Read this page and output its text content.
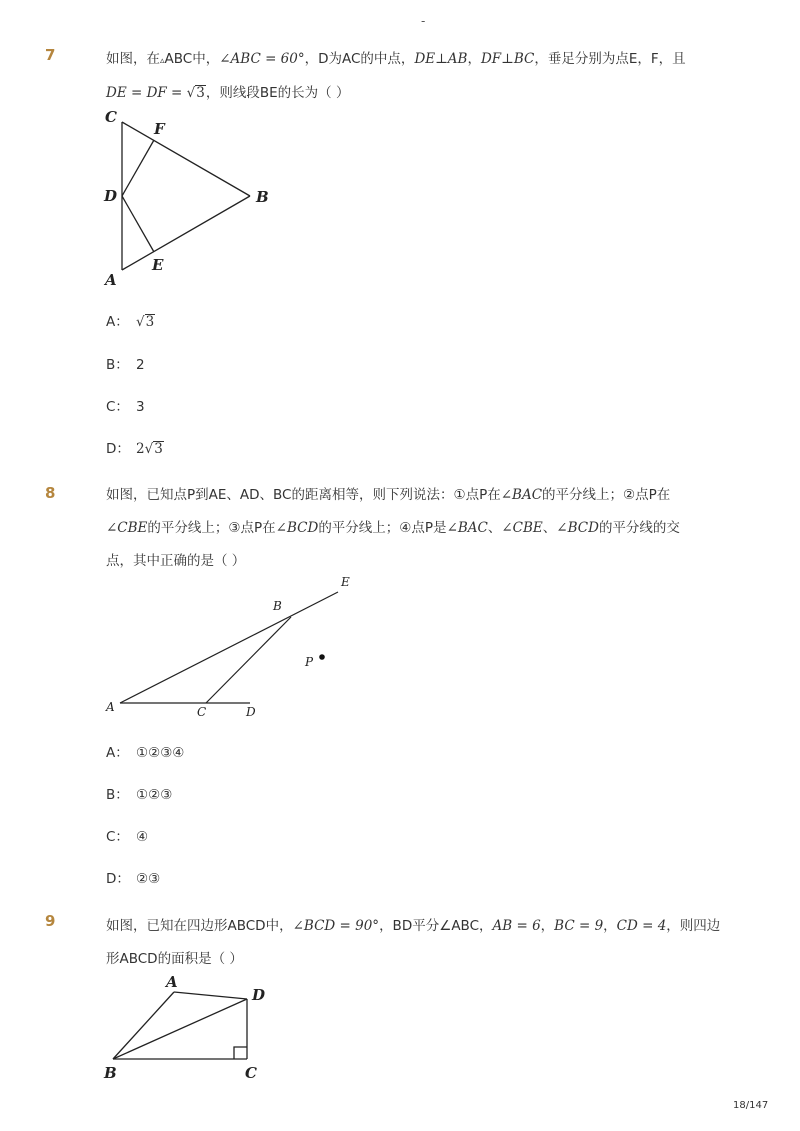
-
7	如图，在▵ABC中，∠ABC = 60°，D为AC的中点，DE⊥AB，DF⊥BC，垂足分别为点E，F，且
DE = DF = √3，则线段BE的长为（ ）
C
F
D	B
E
A
A： √3
B： 2
C： 3
D： 2√3
8	如图，已知点P到AE、AD、BC的距离相等，则下列说法：①点P在∠BAC的平分线上；②点P在
∠CBE的平分线上；③点P在∠BCD的平分线上；④点P是∠BAC、∠CBE、∠BCD的平分线的交
点，其中正确的是（ ）
E
B
P
A	C	D
A： ①②③④
B： ①②③
C： ④
D： ②③
9	如图，已知在四边形ABCD中，∠BCD = 90°，BD平分∠ABC，AB = 6，BC = 9，CD = 4，则四边
形ABCD的面积是（ ）
A
D
B	C
18/147
